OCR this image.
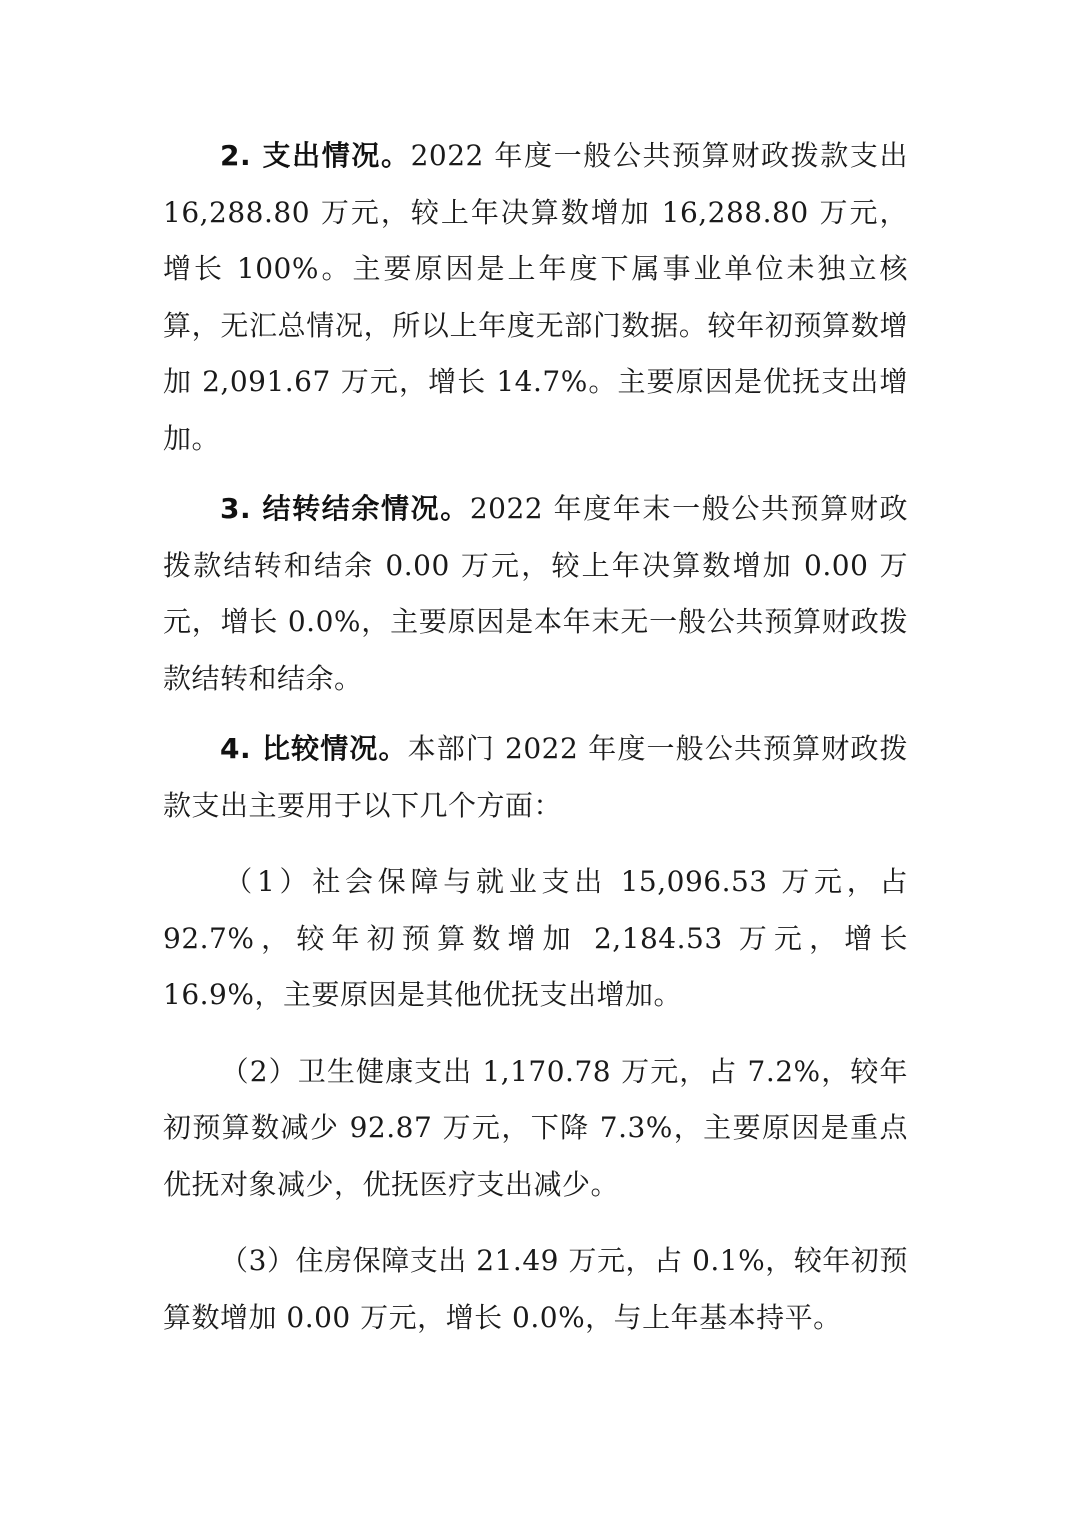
2. 支出情况。2022 年度一般公共预算财政拨款支出 16,288.80 万元，较上年决算数增加 16,288.80 万元，增长 100%。主要原因是上年度下属事业单位未独立核算，无汇总情况，所以上年度无部门数据。较年初预算数增加 2,091.67 万元，增长 14.7%。主要原因是优抚支出增加。

3. 结转结余情况。2022 年度年末一般公共预算财政拨款结转和结余 0.00 万元，较上年决算数增加 0.00 万元，增长 0.0%，主要原因是本年末无一般公共预算财政拨款结转和结余。

4. 比较情况。本部门 2022 年度一般公共预算财政拨款支出主要用于以下几个方面：

（1）社会保障与就业支出 15,096.53 万元，占 92.7%，较年初预算数增加 2,184.53 万元，增长 16.9%，主要原因是其他优抚支出增加。

（2）卫生健康支出 1,170.78 万元，占 7.2%，较年初预算数减少 92.87 万元，下降 7.3%，主要原因是重点优抚对象减少，优抚医疗支出减少。

（3）住房保障支出 21.49 万元，占 0.1%，较年初预算数增加 0.00 万元，增长 0.0%，与上年基本持平。
